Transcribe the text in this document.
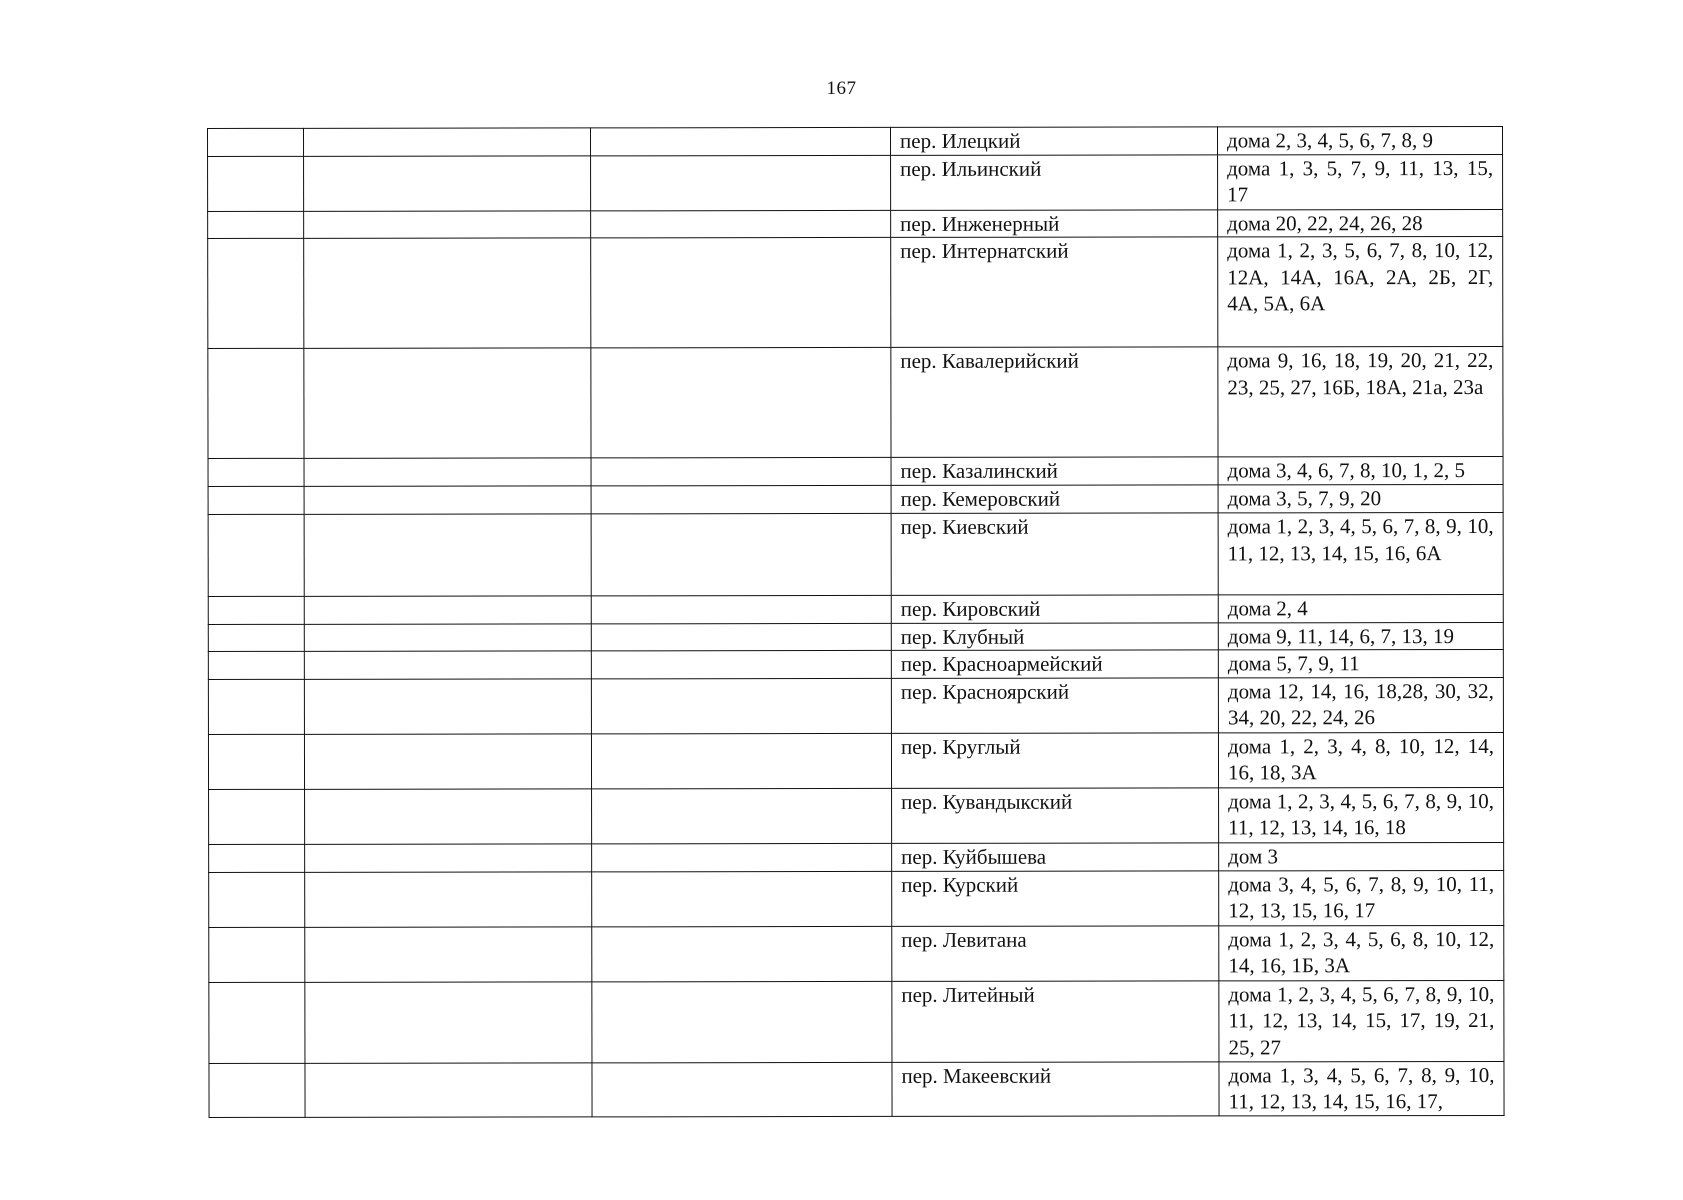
167
			пер. Илецкий	дома 2, 3, 4, 5, 6, 7, 8, 9
			пер. Ильинский	дома 1, 3, 5, 7, 9, 11, 13, 15, 17
			пер. Инженерный	дома 20, 22, 24, 26, 28
			пер. Интернатский	дома 1, 2, 3, 5, 6, 7, 8, 10, 12, 12А, 14А, 16А, 2А, 2Б, 2Г, 4А, 5А, 6А
			пер. Кавалерийский	дома 9, 16, 18, 19, 20, 21, 22, 23, 25, 27, 16Б, 18А, 21а, 23а
			пер. Казалинский	дома 3, 4, 6, 7, 8, 10, 1, 2, 5
			пер. Кемеровский	дома 3, 5, 7, 9, 20
			пер. Киевский	дома 1, 2, 3, 4, 5, 6, 7, 8, 9, 10, 11, 12, 13, 14, 15, 16, 6А
			пер. Кировский	дома 2, 4
			пер. Клубный	дома 9, 11, 14, 6, 7, 13, 19
			пер. Красноармейский	дома 5, 7, 9, 11
			пер. Красноярский	дома 12, 14, 16, 18,28, 30, 32, 34, 20, 22, 24, 26
			пер. Круглый	дома 1, 2, 3, 4, 8, 10, 12, 14, 16, 18, 3А
			пер. Кувандыкский	дома 1, 2, 3, 4, 5, 6, 7, 8, 9, 10, 11, 12, 13, 14, 16, 18
			пер. Куйбышева	дом 3
			пер. Курский	дома 3, 4, 5, 6, 7, 8, 9, 10, 11, 12, 13, 15, 16, 17
			пер. Левитана	дома 1, 2, 3, 4, 5, 6, 8, 10, 12, 14, 16, 1Б, 3А
			пер. Литейный	дома 1, 2, 3, 4, 5, 6, 7, 8, 9, 10, 11, 12, 13, 14, 15, 17, 19, 21, 25, 27
			пер. Макеевский	дома 1, 3, 4, 5, 6, 7, 8, 9, 10, 11, 12, 13, 14, 15, 16, 17,
